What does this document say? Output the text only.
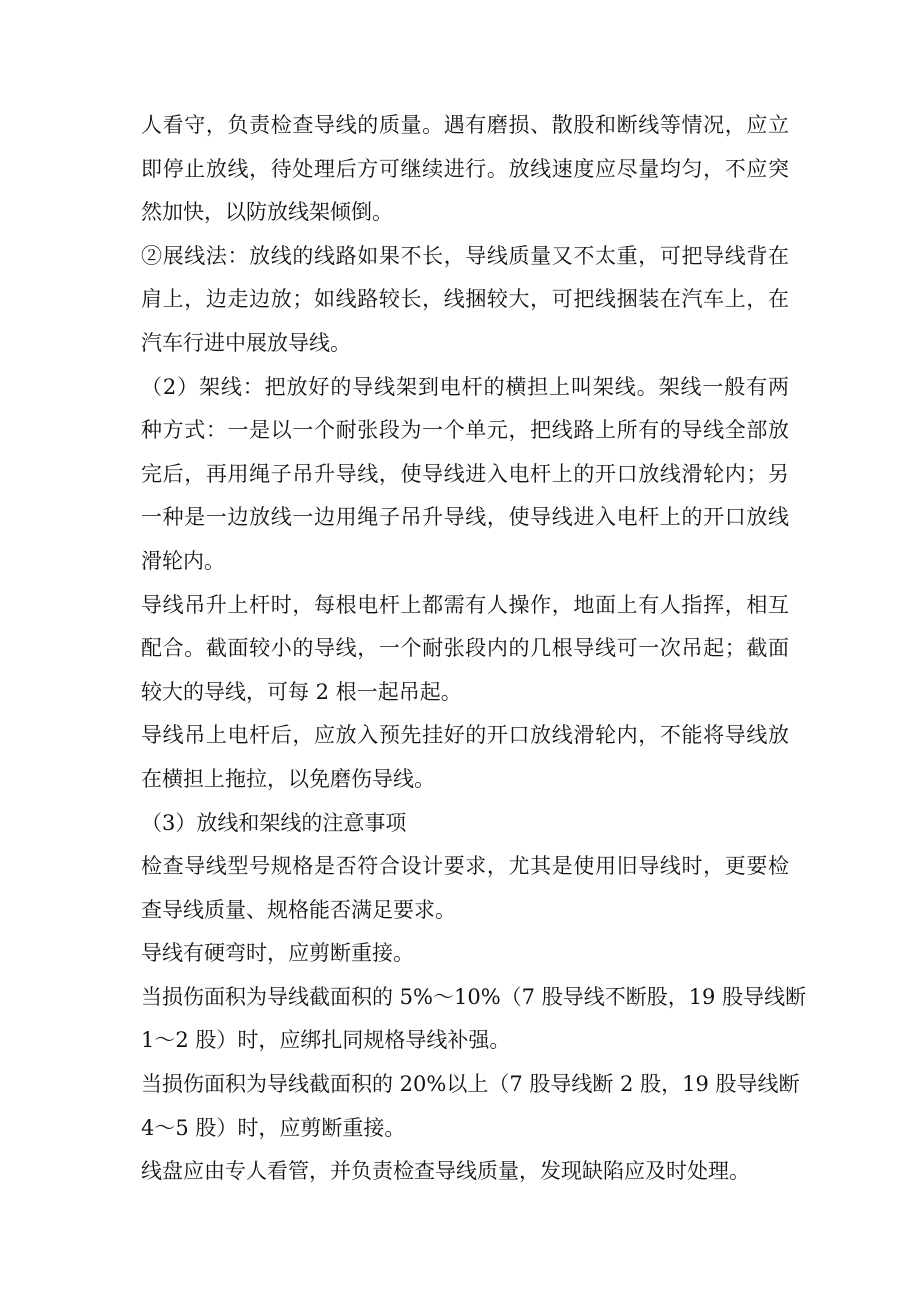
人看守，负责检查导线的质量。遇有磨损、散股和断线等情况，应立
即停止放线，待处理后方可继续进行。放线速度应尽量均匀，不应突
然加快，以防放线架倾倒。

②展线法：放线的线路如果不长，导线质量又不太重，可把导线背在
肩上，边走边放；如线路较长，线捆较大，可把线捆装在汽车上，在
汽车行进中展放导线。

（2）架线：把放好的导线架到电杆的横担上叫架线。架线一般有两
种方式：一是以一个耐张段为一个单元，把线路上所有的导线全部放
完后，再用绳子吊升导线，使导线进入电杆上的开口放线滑轮内；另
一种是一边放线一边用绳子吊升导线，使导线进入电杆上的开口放线
滑轮内。

导线吊升上杆时，每根电杆上都需有人操作，地面上有人指挥，相互
配合。截面较小的导线，一个耐张段内的几根导线可一次吊起；截面
较大的导线，可每 2 根一起吊起。

导线吊上电杆后，应放入预先挂好的开口放线滑轮内，不能将导线放
在横担上拖拉，以免磨伤导线。

（3）放线和架线的注意事项

检查导线型号规格是否符合设计要求，尤其是使用旧导线时，更要检
查导线质量、规格能否满足要求。

导线有硬弯时，应剪断重接。

当损伤面积为导线截面积的 5%～10%（7 股导线不断股，19 股导线断
1～2 股）时，应绑扎同规格导线补强。

当损伤面积为导线截面积的 20%以上（7 股导线断 2 股，19 股导线断
4～5 股）时，应剪断重接。

线盘应由专人看管，并负责检查导线质量，发现缺陷应及时处理。
